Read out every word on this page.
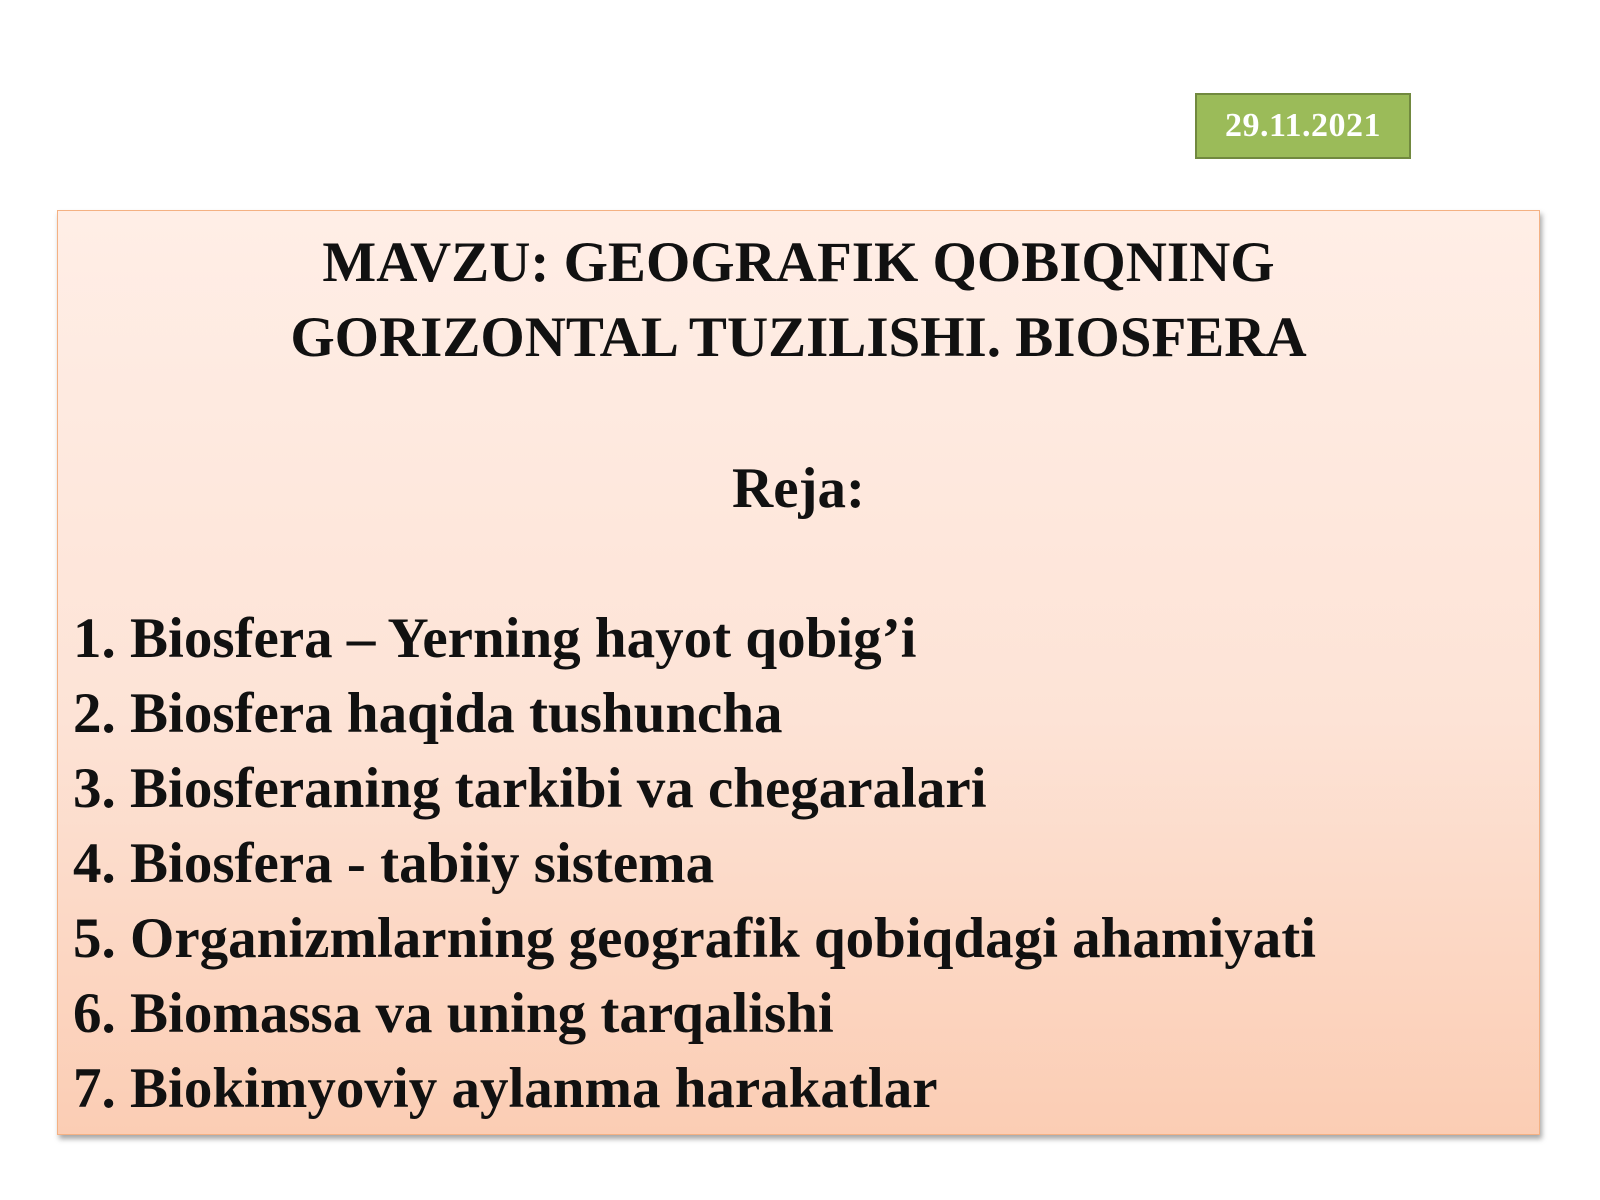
29.11.2021
MAVZU: GEOGRAFIK QOBIQNING
GORIZONTAL TUZILISHI. BIOSFERA
Reja:
1. Biosfera – Yerning hayot qobig’i
2. Biosfera haqida tushuncha
3. Biosferaning tarkibi va chegaralari
4. Biosfera - tabiiy sistema
5. Organizmlarning geografik qobiqdagi ahamiyati
6. Biomassa va uning tarqalishi
7. Biokimyoviy aylanma harakatlar
